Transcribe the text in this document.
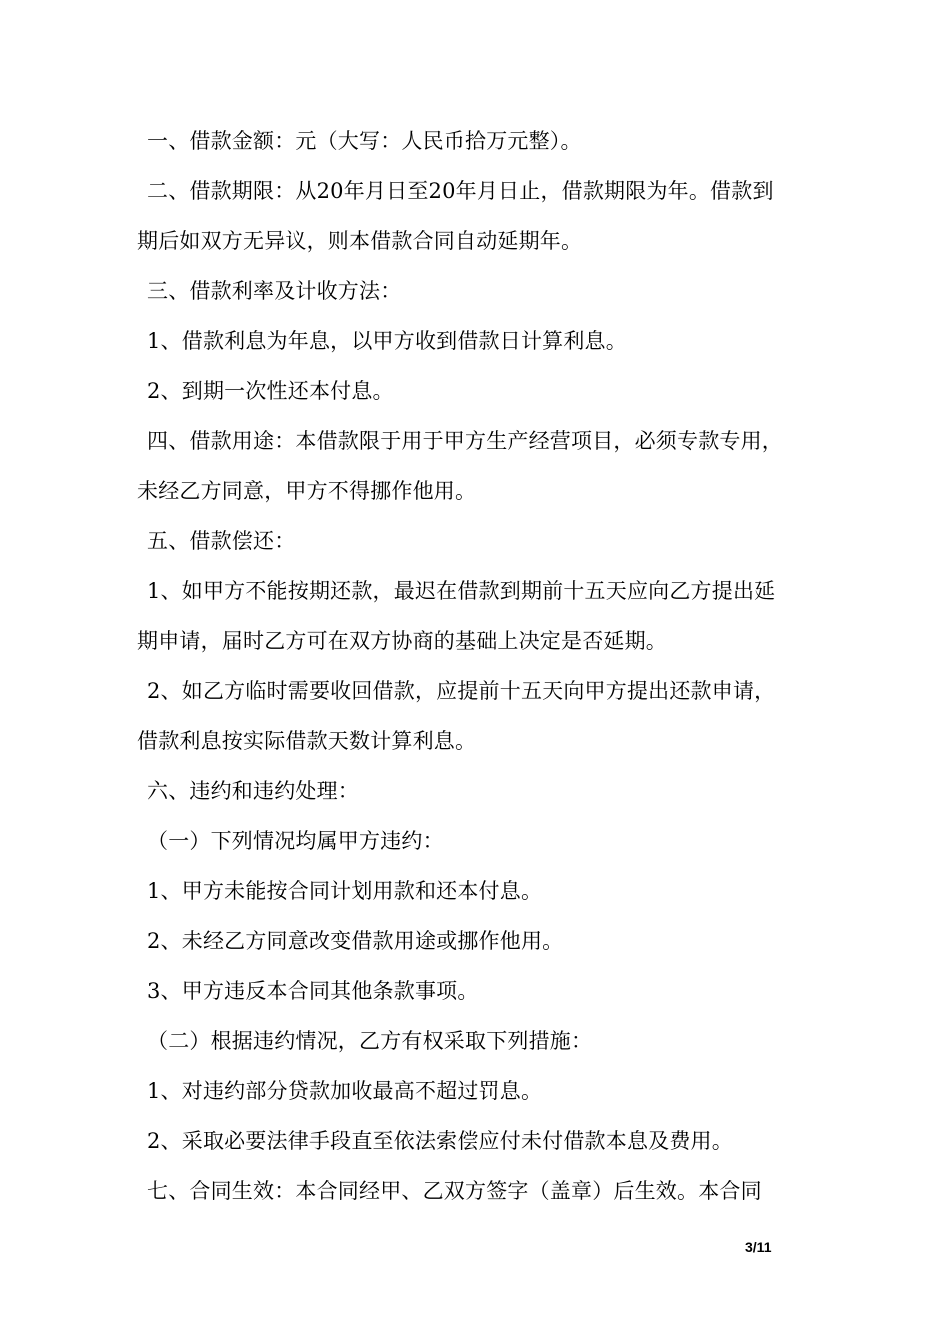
一、借款金额：元（大写：人民币拾万元整）。
二、借款期限：从20年月日至20年月日止，借款期限为年。借款到
期后如双方无异议，则本借款合同自动延期年。
三、借款利率及计收方法：
1、借款利息为年息，以甲方收到借款日计算利息。
2、到期一次性还本付息。
四、借款用途：本借款限于用于甲方生产经营项目，必须专款专用，
未经乙方同意，甲方不得挪作他用。
五、借款偿还：
1、如甲方不能按期还款，最迟在借款到期前十五天应向乙方提出延
期申请，届时乙方可在双方协商的基础上决定是否延期。
2、如乙方临时需要收回借款，应提前十五天向甲方提出还款申请，
借款利息按实际借款天数计算利息。
六、违约和违约处理：
（一）下列情况均属甲方违约：
1、甲方未能按合同计划用款和还本付息。
2、未经乙方同意改变借款用途或挪作他用。
3、甲方违反本合同其他条款事项。
（二）根据违约情况，乙方有权采取下列措施：
1、对违约部分贷款加收最高不超过罚息。
2、采取必要法律手段直至依法索偿应付未付借款本息及费用。
七、合同生效：本合同经甲、乙双方签字（盖章）后生效。本合同
3/11
